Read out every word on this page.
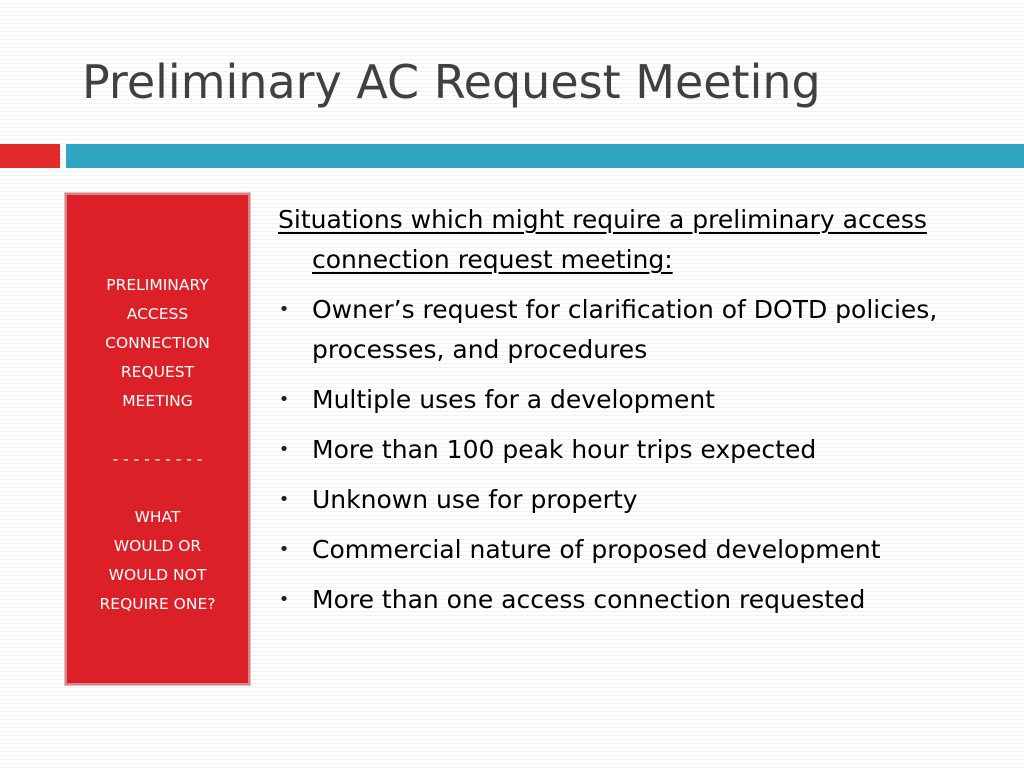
Preliminary AC Request Meeting
PRELIMINARY
ACCESS
CONNECTION
REQUEST
MEETING
- - - - - - - - -
WHAT
WOULD OR
WOULD NOT
REQUIRE ONE?

Situations which might require a preliminary access connection request meeting:

• Owner’s request for clarification of DOTD policies, processes, and procedures
• Multiple uses for a development
• More than 100 peak hour trips expected
• Unknown use for property
• Commercial nature of proposed development
• More than one access connection requested
